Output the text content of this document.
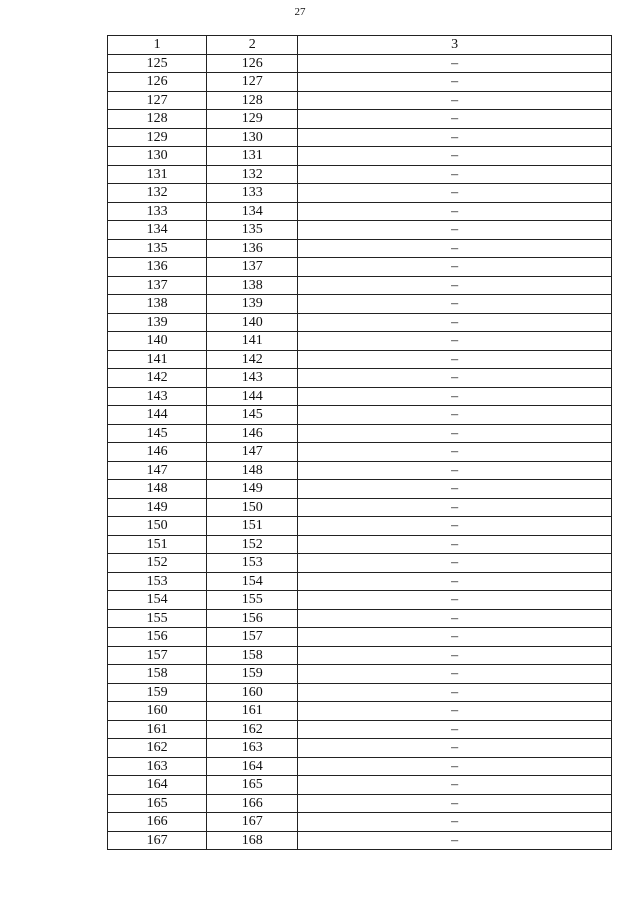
27
1	2	3
125	126	–
126	127	–
127	128	–
128	129	–
129	130	–
130	131	–
131	132	–
132	133	–
133	134	–
134	135	–
135	136	–
136	137	–
137	138	–
138	139	–
139	140	–
140	141	–
141	142	–
142	143	–
143	144	–
144	145	–
145	146	–
146	147	–
147	148	–
148	149	–
149	150	–
150	151	–
151	152	–
152	153	–
153	154	–
154	155	–
155	156	–
156	157	–
157	158	–
158	159	–
159	160	–
160	161	–
161	162	–
162	163	–
163	164	–
164	165	–
165	166	–
166	167	–
167	168	–
